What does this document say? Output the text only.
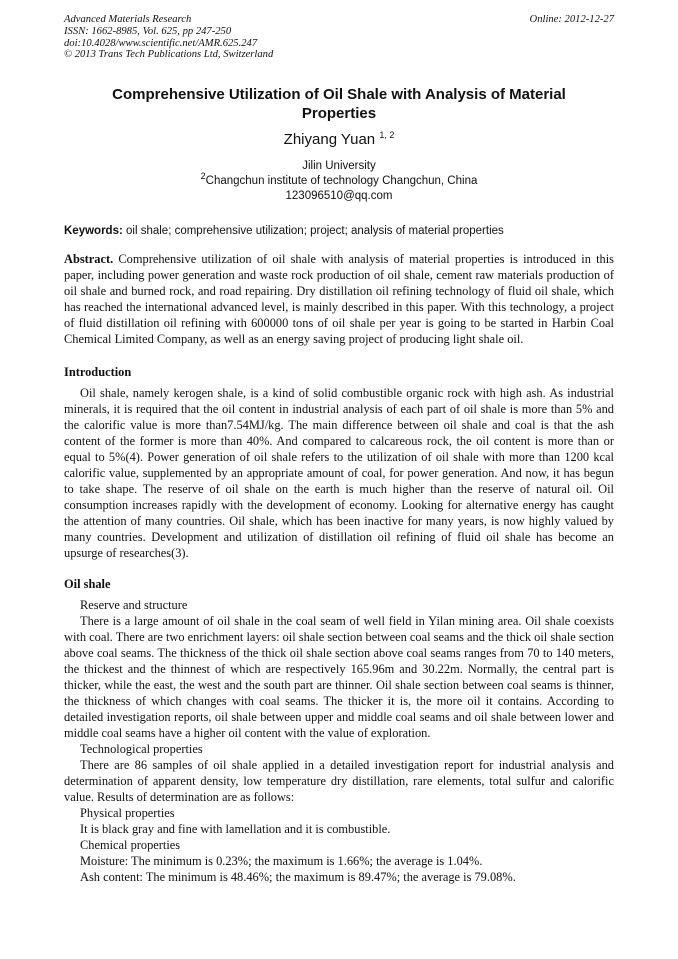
Advanced Materials Research
ISSN: 1662-8985, Vol. 625, pp 247-250
doi:10.4028/www.scientific.net/AMR.625.247
© 2013 Trans Tech Publications Ltd, Switzerland
Online: 2012-12-27
Comprehensive Utilization of Oil Shale with Analysis of Material Properties
Zhiyang Yuan $^{1, 2}$
Jilin University
$^2$Changchun institute of technology Changchun, China
123096510@qq.com
Keywords: oil shale; comprehensive utilization; project; analysis of material properties
Abstract. Comprehensive utilization of oil shale with analysis of material properties is introduced in this paper, including power generation and waste rock production of oil shale, cement raw materials production of oil shale and burned rock, and road repairing. Dry distillation oil refining technology of fluid oil shale, which has reached the international advanced level, is mainly described in this paper. With this technology, a project of fluid distillation oil refining with 600000 tons of oil shale per year is going to be started in Harbin Coal Chemical Limited Company, as well as an energy saving project of producing light shale oil.
Introduction
Oil shale, namely kerogen shale, is a kind of solid combustible organic rock with high ash. As industrial minerals, it is required that the oil content in industrial analysis of each part of oil shale is more than 5% and the calorific value is more than7.54MJ/kg. The main difference between oil shale and coal is that the ash content of the former is more than 40%. And compared to calcareous rock, the oil content is more than or equal to 5%(4). Power generation of oil shale refers to the utilization of oil shale with more than 1200 kcal calorific value, supplemented by an appropriate amount of coal, for power generation. And now, it has begun to take shape. The reserve of oil shale on the earth is much higher than the reserve of natural oil. Oil consumption increases rapidly with the development of economy. Looking for alternative energy has caught the attention of many countries. Oil shale, which has been inactive for many years, is now highly valued by many countries. Development and utilization of distillation oil refining of fluid oil shale has become an upsurge of researches(3).
Oil shale
Reserve and structure
There is a large amount of oil shale in the coal seam of well field in Yilan mining area. Oil shale coexists with coal. There are two enrichment layers: oil shale section between coal seams and the thick oil shale section above coal seams. The thickness of the thick oil shale section above coal seams ranges from 70 to 140 meters, the thickest and the thinnest of which are respectively 165.96m and 30.22m. Normally, the central part is thicker, while the east, the west and the south part are thinner. Oil shale section between coal seams is thinner, the thickness of which changes with coal seams. The thicker it is, the more oil it contains. According to detailed investigation reports, oil shale between upper and middle coal seams and oil shale between lower and middle coal seams have a higher oil content with the value of exploration.
Technological properties
There are 86 samples of oil shale applied in a detailed investigation report for industrial analysis and determination of apparent density, low temperature dry distillation, rare elements, total sulfur and calorific value. Results of determination are as follows:
Physical properties
It is black gray and fine with lamellation and it is combustible.
Chemical properties
Moisture: The minimum is 0.23%; the maximum is 1.66%; the average is 1.04%.
Ash content: The minimum is 48.46%; the maximum is 89.47%; the average is 79.08%.
